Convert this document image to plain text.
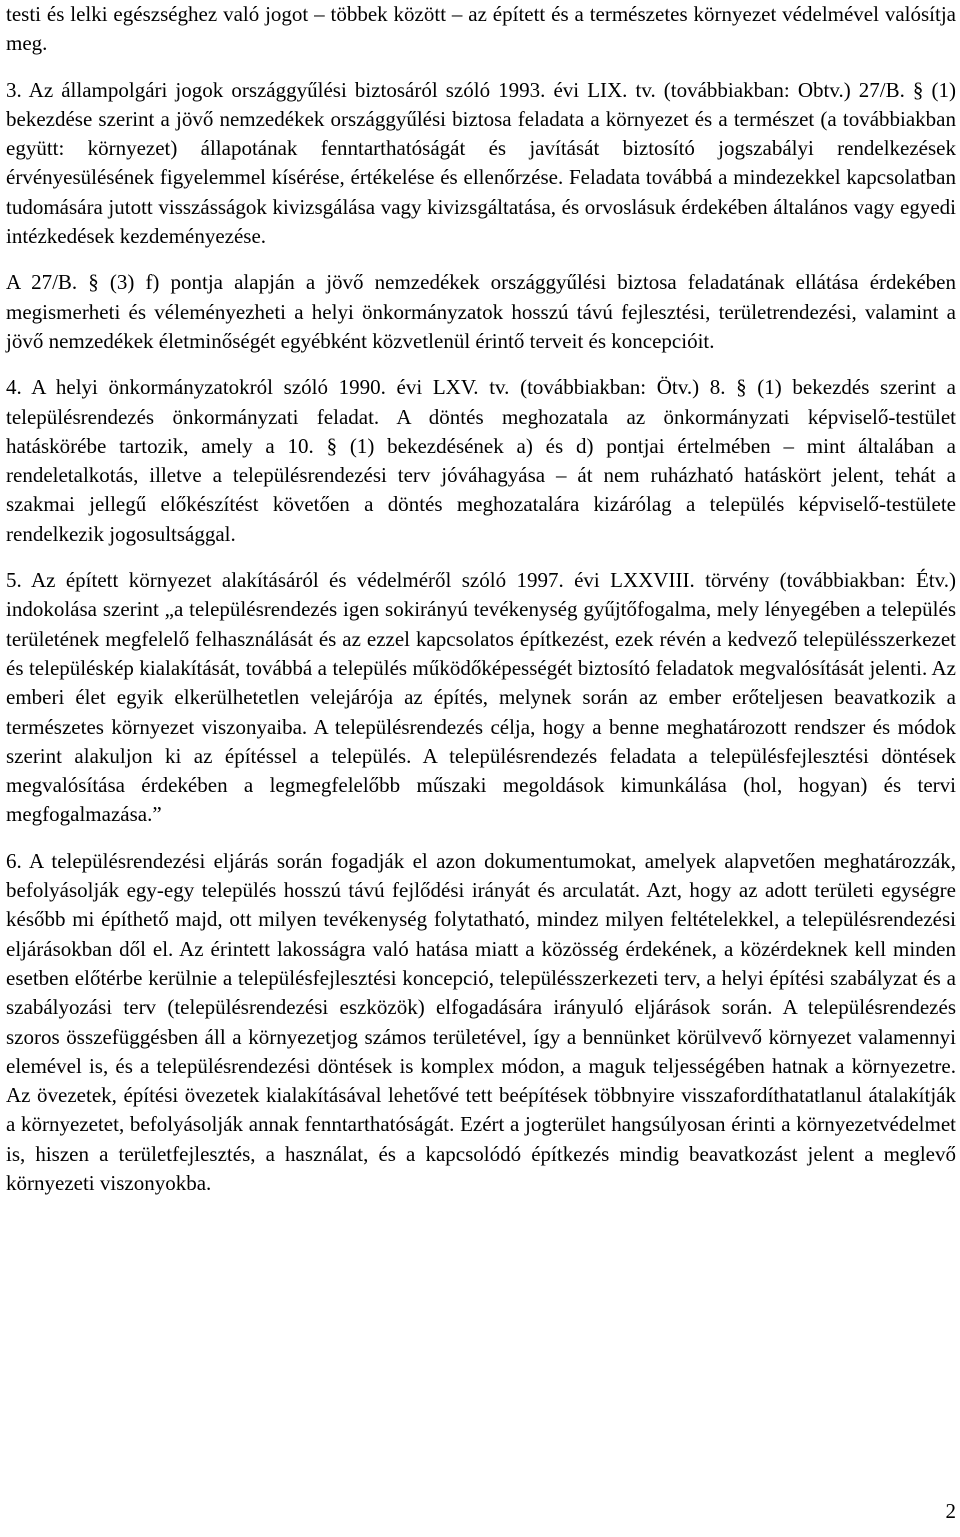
testi és lelki egészséghez való jogot – többek között – az épített és a természetes környezet védelmével valósítja meg.

3. Az állampolgári jogok országgyűlési biztosáról szóló 1993. évi LIX. tv. (továbbiakban: Obtv.) 27/B. § (1) bekezdése szerint a jövő nemzedékek országgyűlési biztosa feladata a környezet és a természet (a továbbiakban együtt: környezet) állapotának fenntarthatóságát és javítását biztosító jogszabályi rendelkezések érvényesülésének figyelemmel kísérése, értékelése és ellenőrzése. Feladata továbbá a mindezekkel kapcsolatban tudomására jutott visszásságok kivizsgálása vagy kivizsgáltatása, és orvoslásuk érdekében általános vagy egyedi intézkedések kezdeményezése.

A 27/B. § (3) f) pontja alapján a jövő nemzedékek országgyűlési biztosa feladatának ellátása érdekében megismerheti és véleményezheti a helyi önkormányzatok hosszú távú fejlesztési, területrendezési, valamint a jövő nemzedékek életminőségét egyébként közvetlenül érintő terveit és koncepcióit.

4. A helyi önkormányzatokról szóló 1990. évi LXV. tv. (továbbiakban: Ötv.) 8. § (1) bekezdés szerint a településrendezés önkormányzati feladat. A döntés meghozatala az önkormányzati képviselő-testület hatáskörébe tartozik, amely a 10. § (1) bekezdésének a) és d) pontjai értelmében – mint általában a rendeletalkotás, illetve a településrendezési terv jóváhagyása – át nem ruházható hatáskört jelent, tehát a szakmai jellegű előkészítést követően a döntés meghozatalára kizárólag a település képviselő-testülete rendelkezik jogosultsággal.

5. Az épített környezet alakításáról és védelméről szóló 1997. évi LXXVIII. törvény (továbbiakban: Étv.) indokolása szerint „a településrendezés igen sokirányú tevékenység gyűjtőfogalma, mely lényegében a település területének megfelelő felhasználását és az ezzel kapcsolatos építkezést, ezek révén a kedvező településszerkezet és településkép kialakítását, továbbá a település működőképességét biztosító feladatok megvalósítását jelenti. Az emberi élet egyik elkerülhetetlen velejárója az építés, melynek során az ember erőteljesen beavatkozik a természetes környezet viszonyaiba. A településrendezés célja, hogy a benne meghatározott rendszer és módok szerint alakuljon ki az építéssel a település. A településrendezés feladata a településfejlesztési döntések megvalósítása érdekében a legmegfelelőbb műszaki megoldások kimunkálása (hol, hogyan) és tervi megfogalmazása.”

6. A településrendezési eljárás során fogadják el azon dokumentumokat, amelyek alapvetően meghatározzák, befolyásolják egy-egy település hosszú távú fejlődési irányát és arculatát. Azt, hogy az adott területi egységre később mi építhető majd, ott milyen tevékenység folytatható, mindez milyen feltételekkel, a településrendezési eljárásokban dől el. Az érintett lakosságra való hatása miatt a közösség érdekének, a közérdeknek kell minden esetben előtérbe kerülnie a településfejlesztési koncepció, településszerkezeti terv, a helyi építési szabályzat és a szabályozási terv (településrendezési eszközök) elfogadására irányuló eljárások során. A településrendezés szoros összefüggésben áll a környezetjog számos területével, így a bennünket körülvevő környezet valamennyi elemével is, és a településrendezési döntések is komplex módon, a maguk teljességében hatnak a környezetre. Az övezetek, építési övezetek kialakításával lehetővé tett beépítések többnyire visszafordíthatatlanul átalakítják a környezetet, befolyásolják annak fenntarthatóságát. Ezért a jogterület hangsúlyosan érinti a környezetvédelmet is, hiszen a területfejlesztés, a használat, és a kapcsolódó építkezés mindig beavatkozást jelent a meglevő környezeti viszonyokba.

2
